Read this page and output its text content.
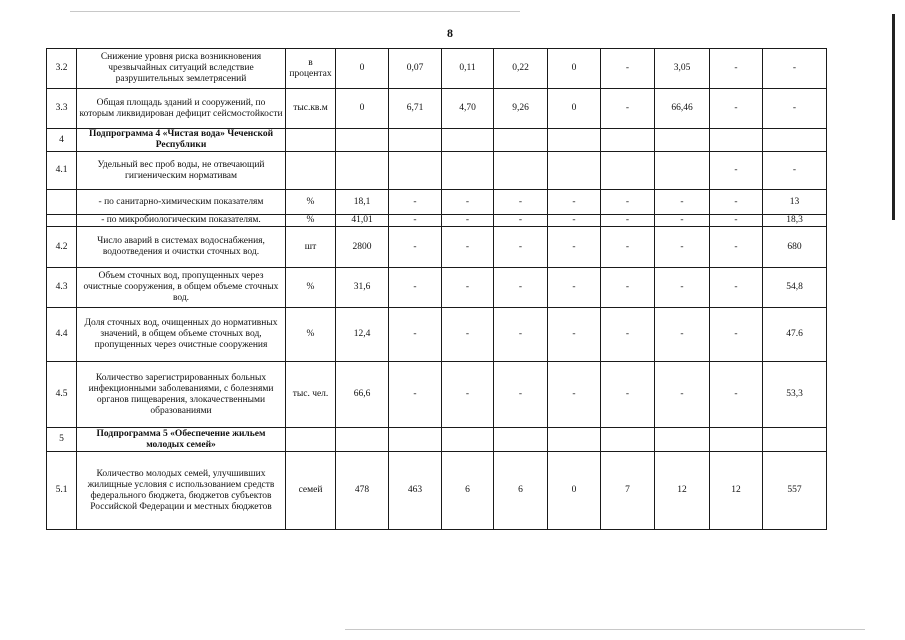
8
3.2	Снижение уровня риска возникновения чрезвычайных ситуаций вследствие разрушительных землетрясений	в процентах	0	0,07	0,11	0,22	0	-	3,05	-	-
3.3	Общая площадь зданий и сооружений, по которым ликвидирован дефицит сейсмостойкости	тыс.кв.м	0	6,71	4,70	9,26	0	-	66,46	-	-
4	Подпрограмма 4 «Чистая вода» Чеченской Республики										
4.1	Удельный вес проб воды, не отвечающий гигиеническим нормативам									-	-
	- по санитарно-химическим показателям	%	18,1	-	-	-	-	-	-	-	13
	- по микробиологическим показателям.	%	41,01	-	-	-	-	-	-	-	18,3
4.2	Число аварий в системах водоснабжения, водоотведения и очистки сточных вод.	шт	2800	-	-	-	-	-	-	-	680
4.3	Объем сточных вод, пропущенных через очистные сооружения, в общем объеме сточных вод.	%	31,6	-	-	-	-	-	-	-	54,8
4.4	Доля сточных вод, очищенных до нормативных значений, в общем объеме сточных вод, пропущенных через очистные сооружения	%	12,4	-	-	-	-	-	-	-	47.6
4.5	Количество зарегистрированных больных инфекционными заболеваниями, с болезнями органов пищеварения, злокачественными образованиями	тыс. чел.	66,6	-	-	-	-	-	-	-	53,3
5	Подпрограмма 5 «Обеспечение жильем молодых семей»										
5.1	Количество молодых семей, улучшивших жилищные условия с использованием средств федерального бюджета, бюджетов субъектов Российской Федерации и местных бюджетов	семей	478	463	6	6	0	7	12	12	557
